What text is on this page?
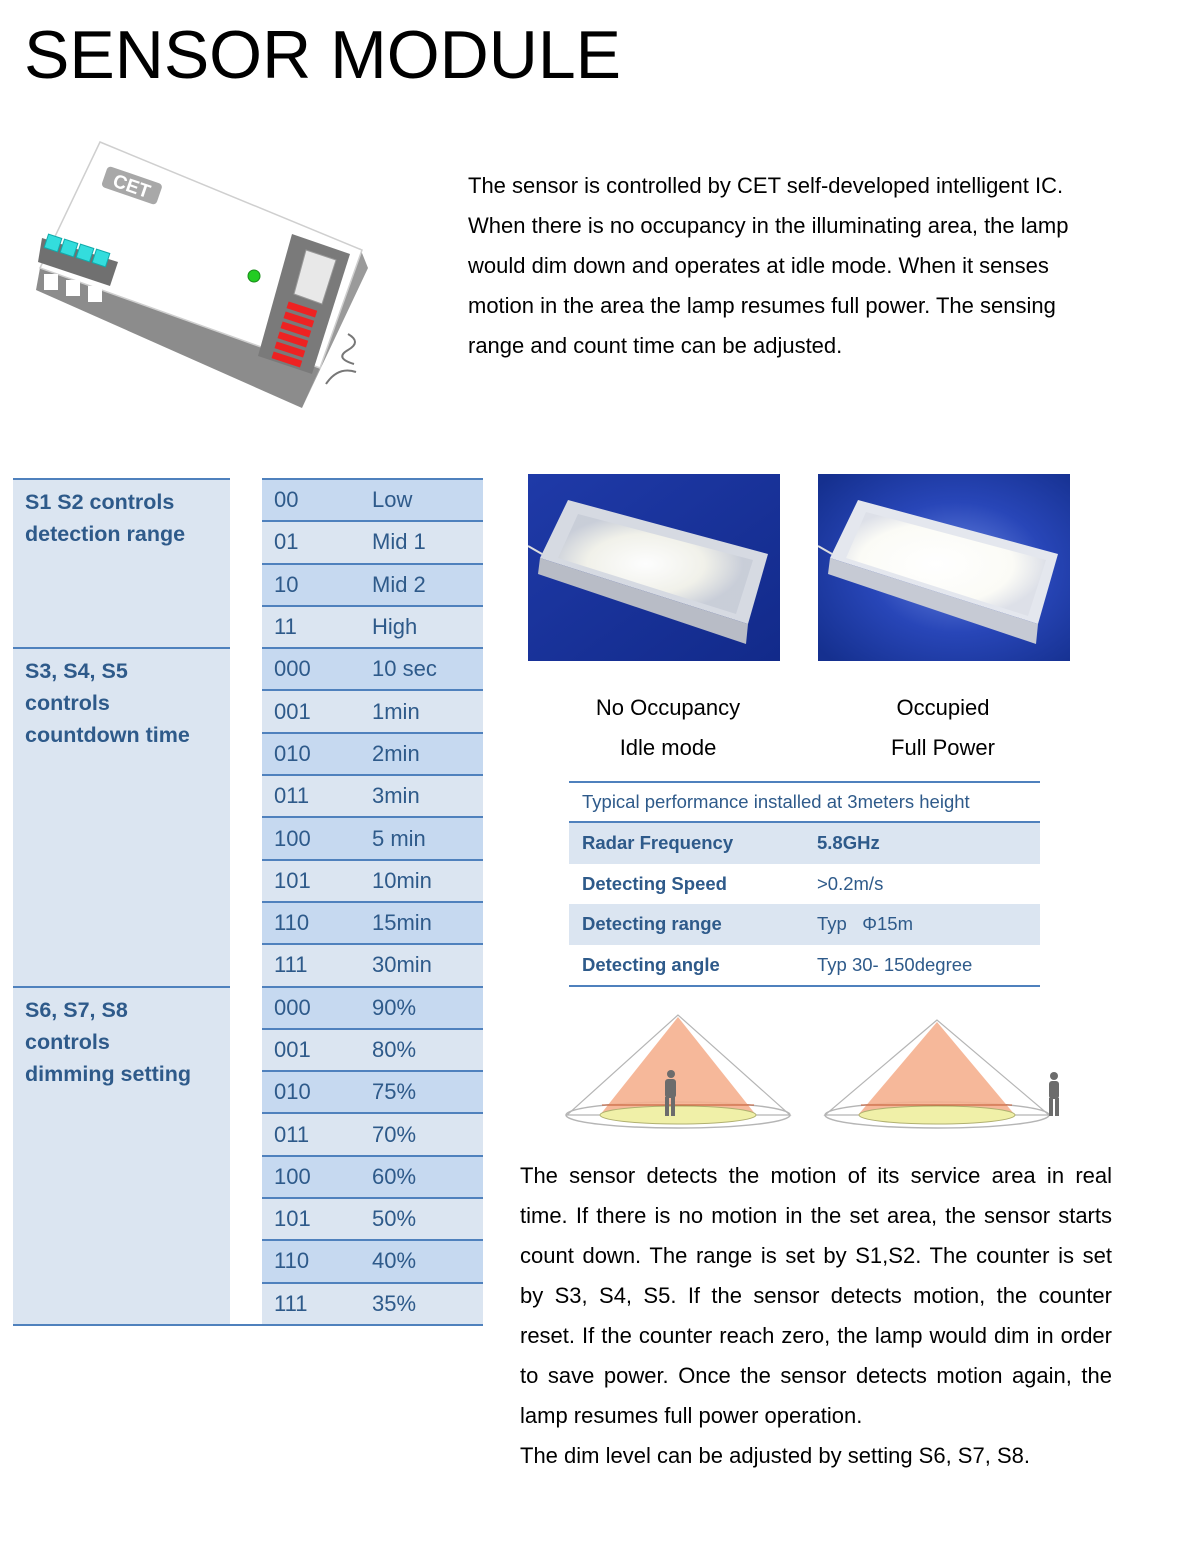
SENSOR MODULE
CET	The sensor is controlled by CET self-developed intelligent IC.
When there is no occupancy in the illuminating area, the lamp
would dim down and operates at idle mode. When it senses
motion in the area the lamp resumes full power. The sensing
range and count time can be adjusted.
S1 S2 controls
detection range
00	Low
01	Mid 1
10	Mid 2
11	High
S3, S4, S5
controls
countdown time
000	10 sec
001	1min
010	2min
011	3min
100	5 min
101	10min
110	15min
111	30min
S6, S7, S8
controls
dimming setting
000	90%
001	80%
010	75%
011	70%
100	60%
101	50%
110	40%
111	35%
No Occupancy
Idle mode
Occupied
Full Power
Typical performance installed at 3meters height
Radar Frequency	5.8GHz
Detecting Speed	>0.2m/s
Detecting range	Typ   Φ15m
Detecting angle	Typ 30- 150degree

The sensor detects the motion of its service area in real time. If there is no motion in the set area, the sensor starts count down. The range is set by S1,S2. The counter is set by S3, S4, S5. If the sensor detects motion, the counter reset. If the counter reach zero, the lamp would dim in order to save power. Once the sensor detects motion again, the lamp resumes full power operation.

The dim level can be adjusted by setting S6, S7, S8.
